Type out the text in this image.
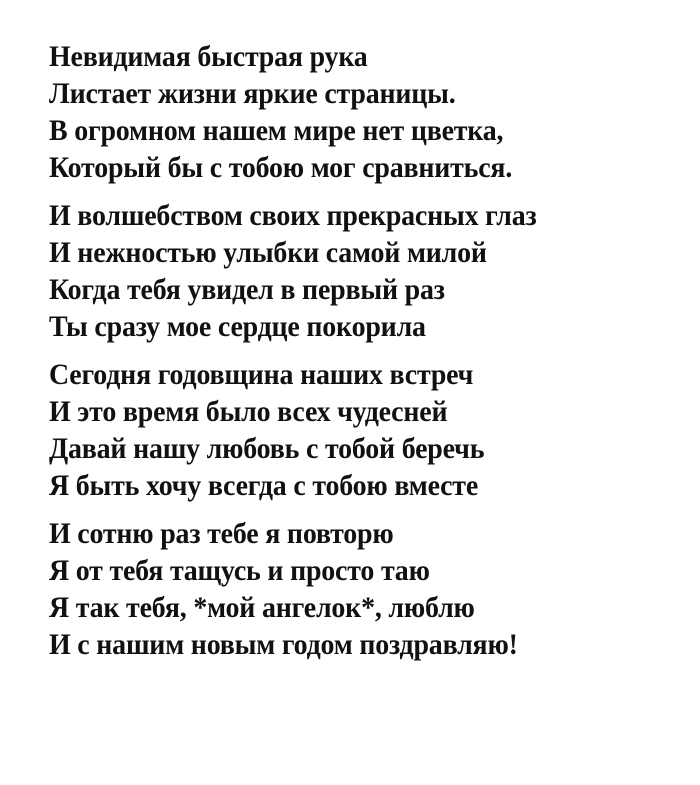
Невидимая быстрая рука
Листает жизни яркие страницы.
В огромном нашем мире нет цветка,
Который бы с тобою мог сравниться.
И волшебством своих прекрасных глаз
И нежностью улыбки самой милой
Когда тебя увидел в первый раз
Ты сразу мое сердце покорила
Сегодня годовщина наших встреч
И это время было всех чудесней
Давай нашу любовь с тобой беречь
Я быть хочу всегда с тобою вместе
И сотню раз тебе я повторю
Я от тебя тащусь и просто таю
Я так тебя, *мой ангелок*, люблю
И с нашим новым годом поздравляю!
